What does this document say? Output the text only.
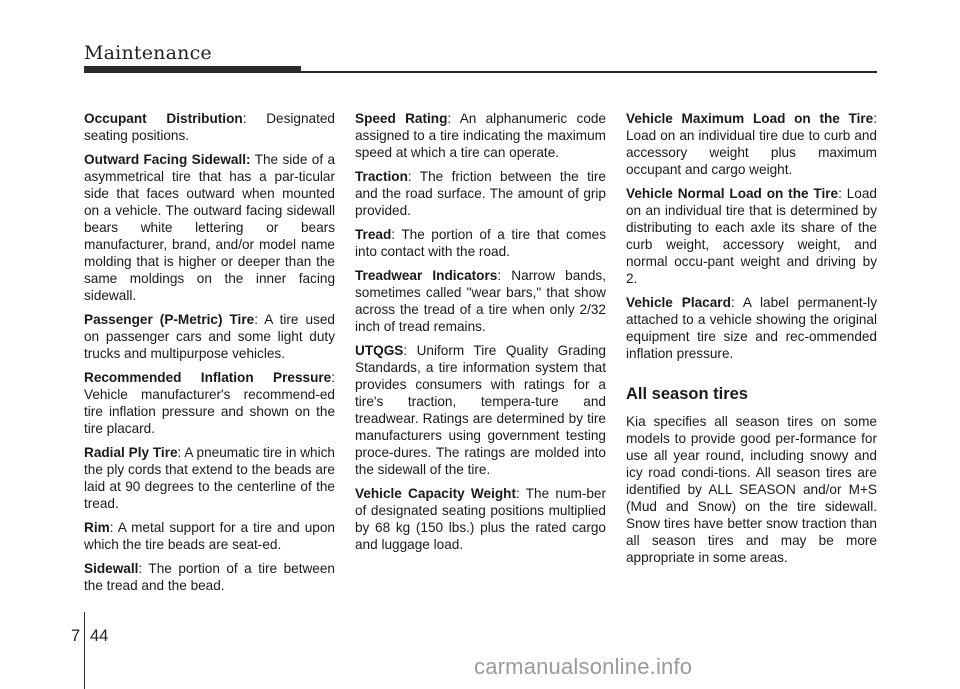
Maintenance

Occupant Distribution: Designated seating positions.

Outward Facing Sidewall: The side of a asymmetrical tire that has a par-ticular side that faces outward when mounted on a vehicle. The outward facing sidewall bears white lettering or bears manufacturer, brand, and/or model name molding that is higher or deeper than the same moldings on the inner facing sidewall.

Passenger (P-Metric) Tire: A tire used on passenger cars and some light duty trucks and multipurpose vehicles.

Recommended Inflation Pressure: Vehicle manufacturer's recommend-ed tire inflation pressure and shown on the tire placard.

Radial Ply Tire: A pneumatic tire in which the ply cords that extend to the beads are laid at 90 degrees to the centerline of the tread.

Rim: A metal support for a tire and upon which the tire beads are seat-ed.

Sidewall: The portion of a tire between the tread and the bead.

Speed Rating: An alphanumeric code assigned to a tire indicating the maximum speed at which a tire can operate.

Traction: The friction between the tire and the road surface. The amount of grip provided.

Tread: The portion of a tire that comes into contact with the road.

Treadwear Indicators: Narrow bands, sometimes called "wear bars," that show across the tread of a tire when only 2/32 inch of tread remains.

UTQGS: Uniform Tire Quality Grading Standards, a tire information system that provides consumers with ratings for a tire's traction, tempera-ture and treadwear. Ratings are determined by tire manufacturers using government testing proce-dures. The ratings are molded into the sidewall of the tire.

Vehicle Capacity Weight: The num-ber of designated seating positions multiplied by 68 kg (150 lbs.) plus the rated cargo and luggage load.

Vehicle Maximum Load on the Tire: Load on an individual tire due to curb and accessory weight plus maximum occupant and cargo weight.

Vehicle Normal Load on the Tire: Load on an individual tire that is determined by distributing to each axle its share of the curb weight, accessory weight, and normal occu-pant weight and driving by 2.

Vehicle Placard: A label permanent-ly attached to a vehicle showing the original equipment tire size and rec-ommended inflation pressure.

All season tires

Kia specifies all season tires on some models to provide good per-formance for use all year round, including snowy and icy road condi-tions. All season tires are identified by ALL SEASON and/or M+S (Mud and Snow) on the tire sidewall. Snow tires have better snow traction than all season tires and may be more appropriate in some areas.

7 44
carmanualsonline.info
